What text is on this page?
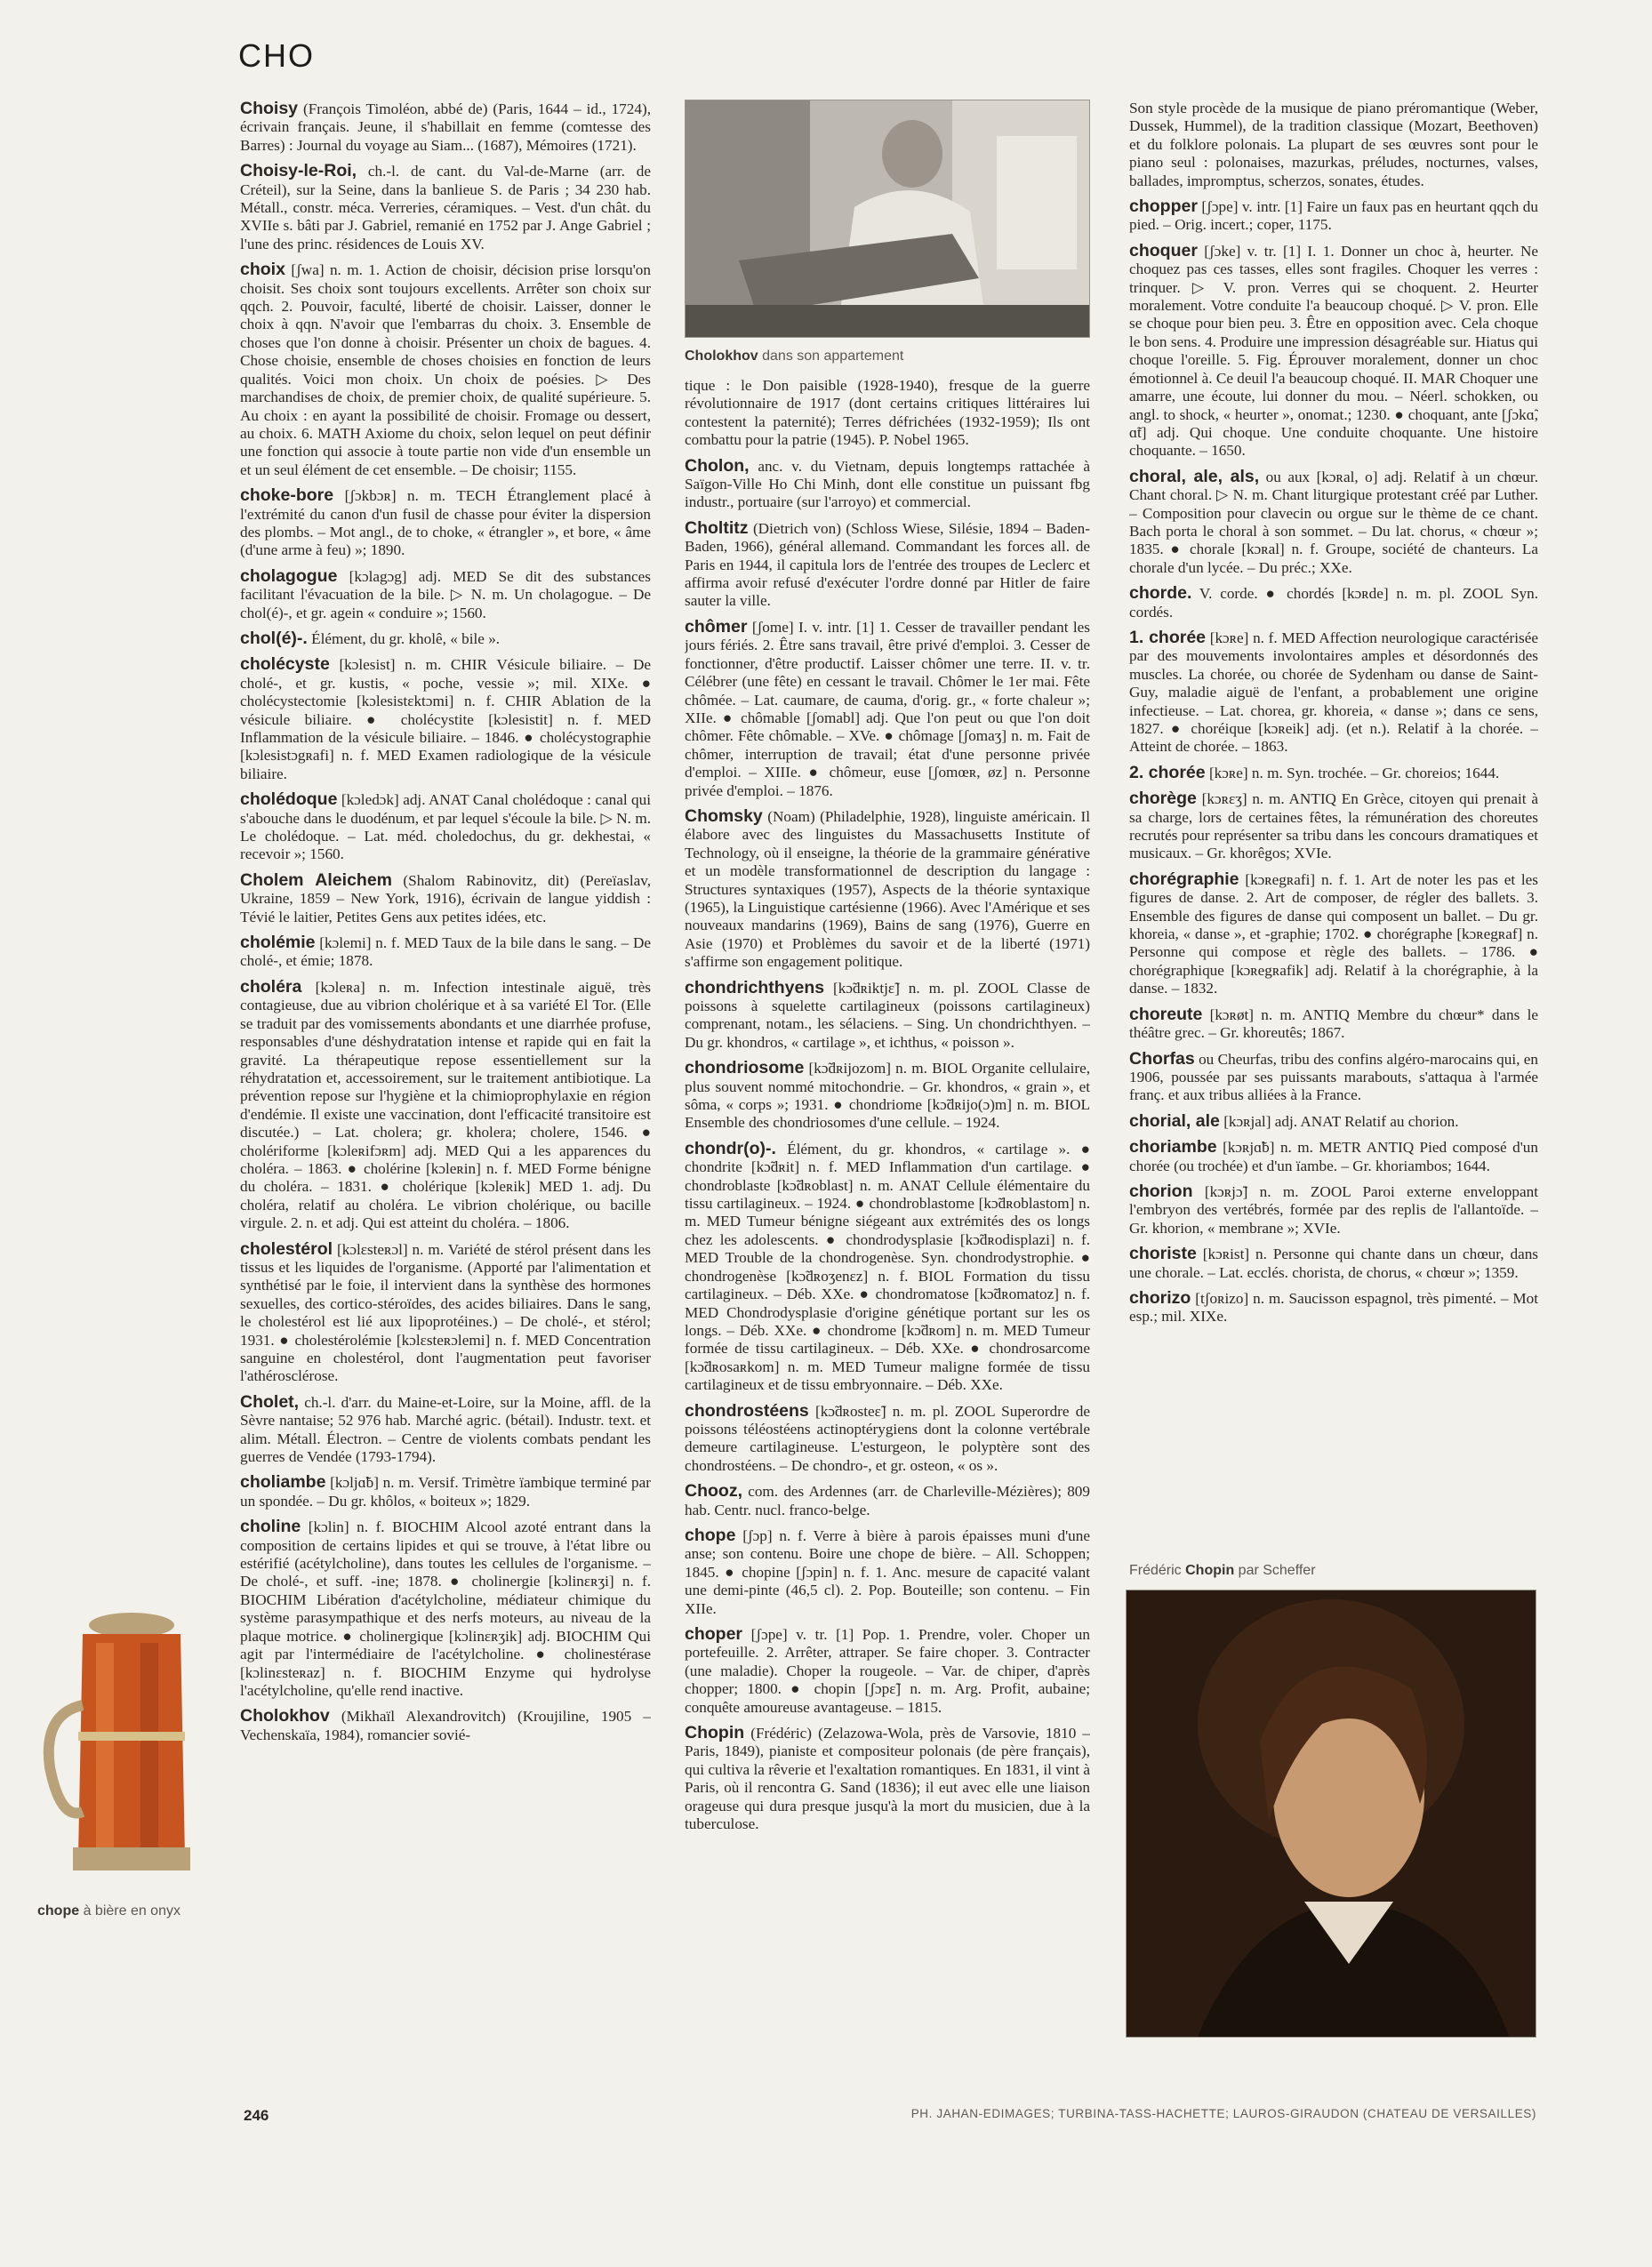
CHO

Choisy (François Timoléon, abbé de) (Paris, 1644 – id., 1724), écrivain français. Jeune, il s'habillait en femme (comtesse des Barres) : Journal du voyage au Siam... (1687), Mémoires (1721).

Choisy-le-Roi, ch.-l. de cant. du Val-de-Marne (arr. de Créteil), sur la Seine, dans la banlieue S. de Paris ; 34 230 hab. Métall., constr. méca. Verreries, céramiques. – Vest. d'un chât. du XVIIe s. bâti par J. Gabriel, remanié en 1752 par J. Ange Gabriel ; l'une des princ. résidences de Louis XV.

choix [ʃwa] n. m. 1. Action de choisir, décision prise lorsqu'on choisit. Ses choix sont toujours excellents. Arrêter son choix sur qqch. 2. Pouvoir, faculté, liberté de choisir. Laisser, donner le choix à qqn. N'avoir que l'embarras du choix. 3. Ensemble de choses que l'on donne à choisir. Présenter un choix de bagues. 4. Chose choisie, ensemble de choses choisies en fonction de leurs qualités. Voici mon choix. Un choix de poésies. ▷ Des marchandises de choix, de premier choix, de qualité supérieure. 5. Au choix : en ayant la possibilité de choisir. Fromage ou dessert, au choix. 6. MATH Axiome du choix, selon lequel on peut définir une fonction qui associe à toute partie non vide d'un ensemble un et un seul élément de cet ensemble. – De choisir; 1155.

choke-bore [ʃɔkbɔʀ] n. m. TECH Étranglement placé à l'extrémité du canon d'un fusil de chasse pour éviter la dispersion des plombs. – Mot angl., de to choke, « étrangler », et bore, « âme (d'une arme à feu) »; 1890.

cholagogue [kɔlagɔg] adj. MED Se dit des substances facilitant l'évacuation de la bile. ▷ N. m. Un cholagogue. – De chol(é)-, et gr. agein « conduire »; 1560.

chol(é)-. Élément, du gr. kholê, « bile ».

cholécyste [kɔlesist] n. m. CHIR Vésicule biliaire. – De cholé-, et gr. kustis, « poche, vessie »; mil. XIXe. ● cholécystectomie [kɔlesistɛktɔmi] n. f. CHIR Ablation de la vésicule biliaire. ● cholécystite [kɔlesistit] n. f. MED Inflammation de la vésicule biliaire. – 1846. ● cholécystographie [kɔlesistɔgʀafi] n. f. MED Examen radiologique de la vésicule biliaire.

cholédoque [kɔledɔk] adj. ANAT Canal cholédoque : canal qui s'abouche dans le duodénum, et par lequel s'écoule la bile. ▷ N. m. Le cholédoque. – Lat. méd. choledochus, du gr. dekhestai, « recevoir »; 1560.

Cholem Aleichem (Shalom Rabinovitz, dit) (Pereïaslav, Ukraine, 1859 – New York, 1916), écrivain de langue yiddish : Tévié le laitier, Petites Gens aux petites idées, etc.

cholémie [kɔlemi] n. f. MED Taux de la bile dans le sang. – De cholé-, et émie; 1878.

choléra [kɔleʀa] n. m. Infection intestinale aiguë, très contagieuse, due au vibrion cholérique et à sa variété El Tor. (Elle se traduit par des vomissements abondants et une diarrhée profuse, responsables d'une déshydratation intense et rapide qui en fait la gravité. La thérapeutique repose essentiellement sur la réhydratation et, accessoirement, sur le traitement antibiotique. La prévention repose sur l'hygiène et la chimioprophylaxie en région d'endémie. Il existe une vaccination, dont l'efficacité transitoire est discutée.) – Lat. cholera; gr. kholera; cholere, 1546. ● cholériforme [kɔleʀifɔʀm] adj. MED Qui a les apparences du choléra. – 1863. ● cholérine [kɔleʀin] n. f. MED Forme bénigne du choléra. – 1831. ● cholérique [kɔleʀik] MED 1. adj. Du choléra, relatif au choléra. Le vibrion cholérique, ou bacille virgule. 2. n. et adj. Qui est atteint du choléra. – 1806.

cholestérol [kɔlɛsteʀɔl] n. m. Variété de stérol présent dans les tissus et les liquides de l'organisme. (Apporté par l'alimentation et synthétisé par le foie, il intervient dans la synthèse des hormones sexuelles, des cortico-stéroïdes, des acides biliaires. Dans le sang, le cholestérol est lié aux lipoprotéines.) – De cholé-, et stérol; 1931. ● cholestérolémie [kɔlɛsteʀɔlemi] n. f. MED Concentration sanguine en cholestérol, dont l'augmentation peut favoriser l'athérosclérose.

Cholet, ch.-l. d'arr. du Maine-et-Loire, sur la Moine, affl. de la Sèvre nantaise; 52 976 hab. Marché agric. (bétail). Industr. text. et alim. Métall. Électron. – Centre de violents combats pendant les guerres de Vendée (1793-1794).

choliambe [kɔljɑ̃b] n. m. Versif. Trimètre ïambique terminé par un spondée. – Du gr. khôlos, « boiteux »; 1829.

choline [kɔlin] n. f. BIOCHIM Alcool azoté entrant dans la composition de certains lipides et qui se trouve, à l'état libre ou estérifié (acétylcholine), dans toutes les cellules de l'organisme. – De cholé-, et suff. -ine; 1878. ● cholinergie [kɔlinɛʀʒi] n. f. BIOCHIM Libération d'acétylcholine, médiateur chimique du système parasympathique et des nerfs moteurs, au niveau de la plaque motrice. ● cholinergique [kɔlinɛʀʒik] adj. BIOCHIM Qui agit par l'intermédiaire de l'acétylcholine. ● cholinestérase [kɔlinɛsteʀaz] n. f. BIOCHIM Enzyme qui hydrolyse l'acétylcholine, qu'elle rend inactive.

Cholokhov (Mikhaïl Alexandrovitch) (Kroujiline, 1905 – Vechenskaïa, 1984), romancier sovié-

Cholokhov dans son appartement

tique : le Don paisible (1928-1940), fresque de la guerre révolutionnaire de 1917 (dont certains critiques littéraires lui contestent la paternité); Terres défrichées (1932-1959); Ils ont combattu pour la patrie (1945). P. Nobel 1965.

Cholon, anc. v. du Vietnam, depuis longtemps rattachée à Saïgon-Ville Ho Chi Minh, dont elle constitue un puissant fbg industr., portuaire (sur l'arroyo) et commercial.

Choltitz (Dietrich von) (Schloss Wiese, Silésie, 1894 – Baden-Baden, 1966), général allemand. Commandant les forces all. de Paris en 1944, il capitula lors de l'entrée des troupes de Leclerc et affirma avoir refusé d'exécuter l'ordre donné par Hitler de faire sauter la ville.

chômer [ʃome] I. v. intr. [1] 1. Cesser de travailler pendant les jours fériés. 2. Être sans travail, être privé d'emploi. 3. Cesser de fonctionner, d'être productif. Laisser chômer une terre. II. v. tr. Célébrer (une fête) en cessant le travail. Chômer le 1er mai. Fête chômée. – Lat. caumare, de cauma, d'orig. gr., « forte chaleur »; XIIe. ● chômable [ʃomabl] adj. Que l'on peut ou que l'on doit chômer. Fête chômable. – XVe. ● chômage [ʃomaʒ] n. m. Fait de chômer, interruption de travail; état d'une personne privée d'emploi. – XIIIe. ● chômeur, euse [ʃomœʀ, øz] n. Personne privée d'emploi. – 1876.

Chomsky (Noam) (Philadelphie, 1928), linguiste américain. Il élabore avec des linguistes du Massachusetts Institute of Technology, où il enseigne, la théorie de la grammaire générative et un modèle transformationnel de description du langage : Structures syntaxiques (1957), Aspects de la théorie syntaxique (1965), la Linguistique cartésienne (1966). Avec l'Amérique et ses nouveaux mandarins (1969), Bains de sang (1976), Guerre en Asie (1970) et Problèmes du savoir et de la liberté (1971) s'affirme son engagement politique.

chondrichthyens [kɔ̃dʀiktjɛ̃] n. m. pl. ZOOL Classe de poissons à squelette cartilagineux (poissons cartilagineux) comprenant, notam., les sélaciens. – Sing. Un chondrichthyen. – Du gr. khondros, « cartilage », et ichthus, « poisson ».

chondriosome [kɔ̃dʀijozom] n. m. BIOL Organite cellulaire, plus souvent nommé mitochondrie. – Gr. khondros, « grain », et sôma, « corps »; 1931. ● chondriome [kɔ̃dʀijo(ɔ)m] n. m. BIOL Ensemble des chondriosomes d'une cellule. – 1924.

chondr(o)-. Élément, du gr. khondros, « cartilage ». ● chondrite [kɔ̃dʀit] n. f. MED Inflammation d'un cartilage. ● chondroblaste [kɔ̃dʀoblast] n. m. ANAT Cellule élémentaire du tissu cartilagineux. – 1924. ● chondroblastome [kɔ̃dʀoblastom] n. m. MED Tumeur bénigne siégeant aux extrémités des os longs chez les adolescents. ● chondrodysplasie [kɔ̃dʀodisplazi] n. f. MED Trouble de la chondrogenèse. Syn. chondrodystrophie. ● chondrogenèse [kɔ̃dʀoʒenɛz] n. f. BIOL Formation du tissu cartilagineux. – Déb. XXe. ● chondromatose [kɔ̃dʀomatoz] n. f. MED Chondrodysplasie d'origine génétique portant sur les os longs. – Déb. XXe. ● chondrome [kɔ̃dʀom] n. m. MED Tumeur formée de tissu cartilagineux. – Déb. XXe. ● chondrosarcome [kɔ̃dʀosaʀkom] n. m. MED Tumeur maligne formée de tissu cartilagineux et de tissu embryonnaire. – Déb. XXe.

chondrostéens [kɔ̃dʀosteɛ̃] n. m. pl. ZOOL Superordre de poissons téléostéens actinoptérygiens dont la colonne vertébrale demeure cartilagineuse. L'esturgeon, le polyptère sont des chondrostéens. – De chondro-, et gr. osteon, « os ».

Chooz, com. des Ardennes (arr. de Charleville-Mézières); 809 hab. Centr. nucl. franco-belge.

chope [ʃɔp] n. f. Verre à bière à parois épaisses muni d'une anse; son contenu. Boire une chope de bière. – All. Schoppen; 1845. ● chopine [ʃɔpin] n. f. 1. Anc. mesure de capacité valant une demi-pinte (46,5 cl). 2. Pop. Bouteille; son contenu. – Fin XIIe.

choper [ʃɔpe] v. tr. [1] Pop. 1. Prendre, voler. Choper un portefeuille. 2. Arrêter, attraper. Se faire choper. 3. Contracter (une maladie). Choper la rougeole. – Var. de chiper, d'après chopper; 1800. ● chopin [ʃɔpɛ̃] n. m. Arg. Profit, aubaine; conquête amoureuse avantageuse. – 1815.

Chopin (Frédéric) (Zelazowa-Wola, près de Varsovie, 1810 – Paris, 1849), pianiste et compositeur polonais (de père français), qui cultiva la rêverie et l'exaltation romantiques. En 1831, il vint à Paris, où il rencontra G. Sand (1836); il eut avec elle une liaison orageuse qui dura presque jusqu'à la mort du musicien, due à la tuberculose.

Son style procède de la musique de piano préromantique (Weber, Dussek, Hummel), de la tradition classique (Mozart, Beethoven) et du folklore polonais. La plupart de ses œuvres sont pour le piano seul : polonaises, mazurkas, préludes, nocturnes, valses, ballades, impromptus, scherzos, sonates, études.

chopper [ʃɔpe] v. intr. [1] Faire un faux pas en heurtant qqch du pied. – Orig. incert.; coper, 1175.

choquer [ʃɔke] v. tr. [1] I. 1. Donner un choc à, heurter. Ne choquez pas ces tasses, elles sont fragiles. Choquer les verres : trinquer. ▷ V. pron. Verres qui se choquent. 2. Heurter moralement. Votre conduite l'a beaucoup choqué. ▷ V. pron. Elle se choque pour bien peu. 3. Être en opposition avec. Cela choque le bon sens. 4. Produire une impression désagréable sur. Hiatus qui choque l'oreille. 5. Fig. Éprouver moralement, donner un choc émotionnel à. Ce deuil l'a beaucoup choqué. II. MAR Choquer une amarre, une écoute, lui donner du mou. – Néerl. schokken, ou angl. to shock, « heurter », onomat.; 1230. ● choquant, ante [ʃɔkɑ̃, ɑ̃t] adj. Qui choque. Une conduite choquante. Une histoire choquante. – 1650.

choral, ale, als, ou aux [kɔʀal, o] adj. Relatif à un chœur. Chant choral. ▷ N. m. Chant liturgique protestant créé par Luther. – Composition pour clavecin ou orgue sur le thème de ce chant. Bach porta le choral à son sommet. – Du lat. chorus, « chœur »; 1835. ● chorale [kɔʀal] n. f. Groupe, société de chanteurs. La chorale d'un lycée. – Du préc.; XXe.

chorde. V. corde. ● chordés [kɔʀde] n. m. pl. ZOOL Syn. cordés.

1. chorée [kɔʀe] n. f. MED Affection neurologique caractérisée par des mouvements involontaires amples et désordonnés des muscles. La chorée, ou chorée de Sydenham ou danse de Saint-Guy, maladie aiguë de l'enfant, a probablement une origine infectieuse. – Lat. chorea, gr. khoreia, « danse »; dans ce sens, 1827. ● choréique [kɔʀeik] adj. (et n.). Relatif à la chorée. – Atteint de chorée. – 1863.

2. chorée [kɔʀe] n. m. Syn. trochée. – Gr. choreios; 1644.

chorège [kɔʀɛʒ] n. m. ANTIQ En Grèce, citoyen qui prenait à sa charge, lors de certaines fêtes, la rémunération des choreutes recrutés pour représenter sa tribu dans les concours dramatiques et musicaux. – Gr. khorêgos; XVIe.

chorégraphie [kɔʀegʀafi] n. f. 1. Art de noter les pas et les figures de danse. 2. Art de composer, de régler des ballets. 3. Ensemble des figures de danse qui composent un ballet. – Du gr. khoreia, « danse », et -graphie; 1702. ● chorégraphe [kɔʀegʀaf] n. Personne qui compose et règle des ballets. – 1786. ● chorégraphique [kɔʀegʀafik] adj. Relatif à la chorégraphie, à la danse. – 1832.

choreute [kɔʀøt] n. m. ANTIQ Membre du chœur* dans le théâtre grec. – Gr. khoreutês; 1867.

Chorfas ou Cheurfas, tribu des confins algéro-marocains qui, en 1906, poussée par ses puissants marabouts, s'attaqua à l'armée franç. et aux tribus alliées à la France.

chorial, ale [kɔʀjal] adj. ANAT Relatif au chorion.

choriambe [kɔʀjɑ̃b] n. m. METR ANTIQ Pied composé d'un chorée (ou trochée) et d'un ïambe. – Gr. khoriambos; 1644.

chorion [kɔʀjɔ̃] n. m. ZOOL Paroi externe enveloppant l'embryon des vertébrés, formée par des replis de l'allantoïde. – Gr. khorion, « membrane »; XVIe.

choriste [kɔʀist] n. Personne qui chante dans un chœur, dans une chorale. – Lat. ecclés. chorista, de chorus, « chœur »; 1359.

chorizo [tʃoʀizo] n. m. Saucisson espagnol, très pimenté. – Mot esp.; mil. XIXe.

Frédéric Chopin par Scheffer
chope à bière en onyx
246	PH. JAHAN-EDIMAGES; TURBINA-TASS-HACHETTE; LAUROS-GIRAUDON (CHATEAU DE VERSAILLES)
